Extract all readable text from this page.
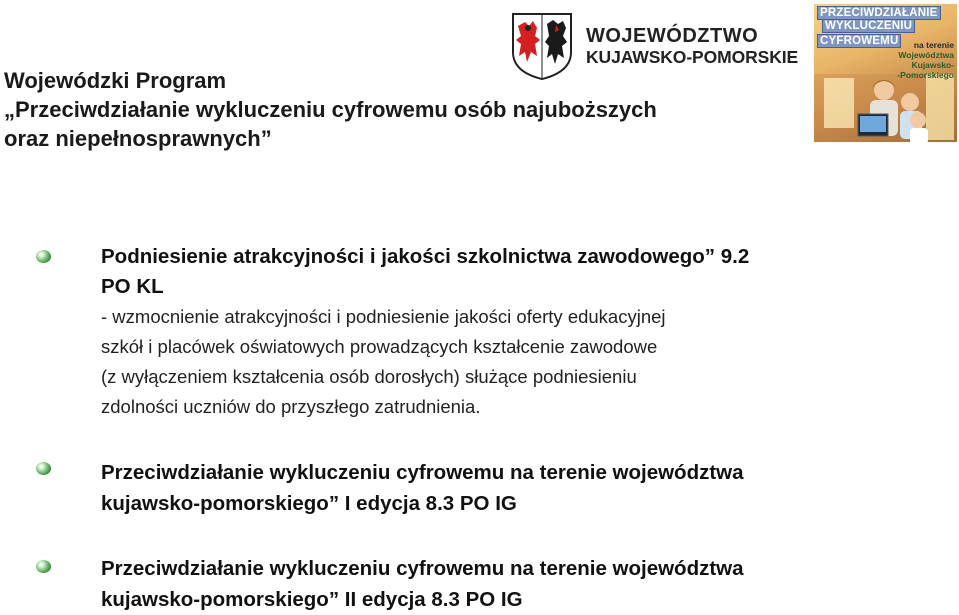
Wojewódzki Program
„Przeciwdziałanie wykluczeniu cyfrowemu osób najuboższych
oraz niepełnosprawnych”
WOJEWÓDZTWO
KUJAWSKO-POMORSKIE
PRZECIWDZIAŁANIE
WYKLUCZENIU
CYFROWEMU	na terenie
Województwa
Kujawsko-
-Pomorskiego
Podniesienie atrakcyjności i jakości szkolnictwa zawodowego” 9.2
PO KL
- wzmocnienie atrakcyjności i podniesienie jakości oferty edukacyjnej
szkół i placówek oświatowych prowadzących kształcenie zawodowe
(z wyłączeniem kształcenia osób dorosłych) służące podniesieniu
zdolności uczniów do przyszłego zatrudnienia.
Przeciwdziałanie wykluczeniu cyfrowemu na terenie województwa
kujawsko-pomorskiego” I edycja 8.3 PO IG
Przeciwdziałanie wykluczeniu cyfrowemu na terenie województwa
kujawsko-pomorskiego” II edycja 8.3 PO IG
